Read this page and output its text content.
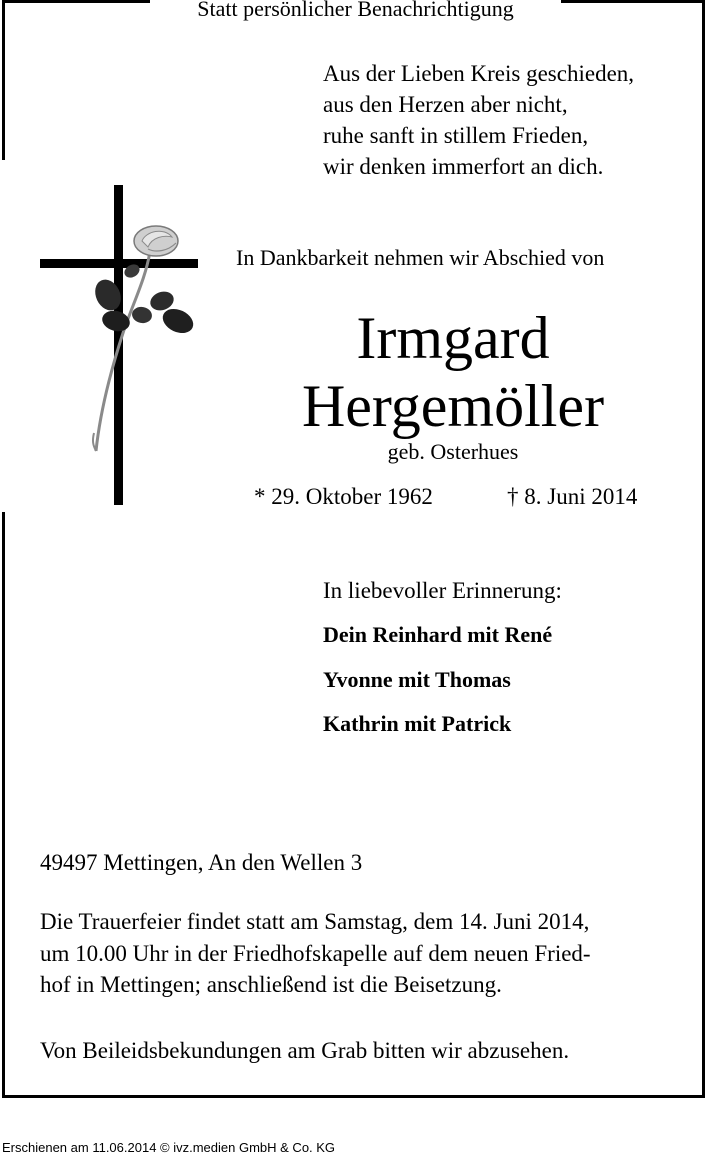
Statt persönlicher Benachrichtigung
Aus der Lieben Kreis geschieden,
aus den Herzen aber nicht,
ruhe sanft in stillem Frieden,
wir denken immerfort an dich.
In Dankbarkeit nehmen wir Abschied von
Irmgard
Hergemöller
geb. Osterhues
* 29. Oktober 1962	† 8. Juni 2014
In liebevoller Erinnerung:
Dein Reinhard mit René
Yvonne mit Thomas
Kathrin mit Patrick
49497 Mettingen, An den Wellen 3
Die Trauerfeier findet statt am Samstag, dem 14. Juni 2014,
um 10.00 Uhr in der Friedhofskapelle auf dem neuen Fried-
hof in Mettingen; anschließend ist die Beisetzung.
Von Beileidsbekundungen am Grab bitten wir abzusehen.
Erschienen am 11.06.2014 © ivz.medien GmbH & Co. KG
